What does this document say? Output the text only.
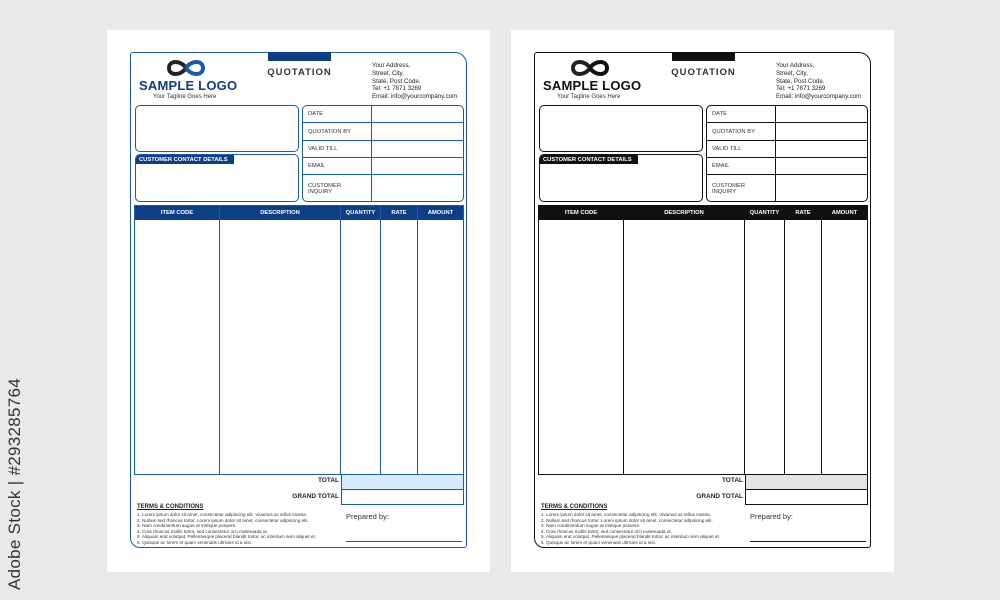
Adobe Stock | #293285764
QUOTATION
SAMPLE LOGO
Your Tagline Goes Here
Your Address,
Street, City,
State, Post Code.
Tel: +1 7871 3269
Email: info@yourcompany.com
CUSTOMER CONTACT DETAILS
DATE
QUOTATION BY
VALID TILL
EMAIL
CUSTOMER INQUIRY
ITEM CODE	DESCRIPTION	QUANTITY	RATE	AMOUNT
TOTAL
GRAND TOTAL
TERMS & CONDITIONS
1. Lorem ipsum dolor sit amet, consectetur adipiscing elit. Vivamus ac tellus massa.
2. Nullam sed rhoncus tortor. Lorem ipsum dolor sit amet, consectetur adipiscing elit.
3. Nam condimentum augue at tristique posuere.
4. Cras rhoncus mollis tortor, sed consectetur orci malesuada ut.
5. Aliquam erat volutpat. Pellentesque placerat blandit tortor, ac interdum sem aliquet et.
6. Quisque ac lorem et quam venenatis ultricies id a nisi.
Prepared by:
QUOTATION
SAMPLE LOGO
Your Tagline Goes Here
Your Address,
Street, City,
State, Post Code.
Tel: +1 7871 3269
Email: info@yourcompany.com
CUSTOMER CONTACT DETAILS
DATE
QUOTATION BY
VALID TILL
EMAIL
CUSTOMER INQUIRY
ITEM CODE	DESCRIPTION	QUANTITY	RATE	AMOUNT
TOTAL
GRAND TOTAL
TERMS & CONDITIONS
1. Lorem ipsum dolor sit amet, consectetur adipiscing elit. Vivamus ac tellus massa.
2. Nullam sed rhoncus tortor. Lorem ipsum dolor sit amet, consectetur adipiscing elit.
3. Nam condimentum augue at tristique posuere.
4. Cras rhoncus mollis tortor, sed consectetur orci malesuada ut.
5. Aliquam erat volutpat. Pellentesque placerat blandit tortor, ac interdum sem aliquet et.
6. Quisque ac lorem et quam venenatis ultricies id a nisi.
Prepared by:
